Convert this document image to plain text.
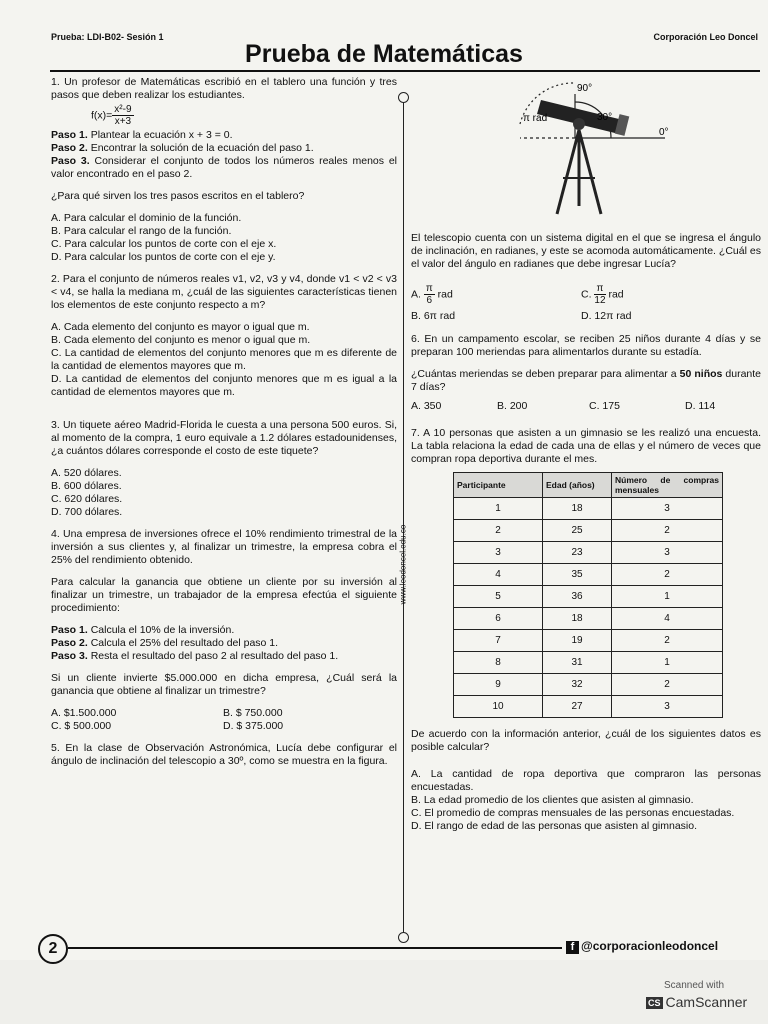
Prueba: LDI-B02- Sesión 1	Corporación Leo Doncel
Prueba de Matemáticas
www.leodoncel.edu.co

1. Un profesor de Matemáticas escribió en el tablero una función y tres pasos que deben realizar los estudiantes.

$f(x)= \frac{\text{x²-9}}{x+3}$

Paso 1. Plantear la ecuación x + 3 = 0.

Paso 2. Encontrar la solución de la ecuación del paso 1.

Paso 3. Considerar el conjunto de todos los números reales menos el valor encontrado en el paso 2.

¿Para qué sirven los tres pasos escritos en el tablero?

A. Para calcular el dominio de la función.

B. Para calcular el rango de la función.

C. Para calcular los puntos de corte con el eje x.

D. Para calcular los puntos de corte con el eje y.

2. Para el conjunto de números reales v1, v2, v3 y v4, donde v1 < v2 < v3 < v4, se halla la mediana m, ¿cuál de las siguientes características tienen los elementos de este conjunto respecto a m?

A. Cada elemento del conjunto es mayor o igual que m.

B. Cada elemento del conjunto es menor o igual que m.

C. La cantidad de elementos del conjunto menores que m es diferente de la cantidad de elementos mayores que m.

D. La cantidad de elementos del conjunto menores que m es igual a la cantidad de elementos mayores que m.

3. Un tiquete aéreo Madrid-Florida le cuesta a una persona 500 euros. Si, al momento de la compra, 1 euro equivale a 1.2 dólares estadounidenses, ¿a cuántos dólares corresponde el costo de este tiquete?

A. 520 dólares.

B. 600 dólares.

C. 620 dólares.

D. 700 dólares.

4. Una empresa de inversiones ofrece el 10% rendimiento trimestral de la inversión a sus clientes y, al finalizar un trimestre, la empresa cobra el 25% del rendimiento obtenido.

Para calcular la ganancia que obtiene un cliente por su inversión al finalizar un trimestre, un trabajador de la empresa efectúa el siguiente procedimiento:

Paso 1. Calcula el 10% de la inversión.

Paso 2. Calcula el 25% del resultado del paso 1.

Paso 3. Resta el resultado del paso 2 al resultado del paso 1.

Si un cliente invierte $5.000.000 en dicha empresa, ¿Cuál será la ganancia que obtiene al finalizar un trimestre?

A. $1.500.000	B. $ 750.000
C. $ 500.000	D. $ 375.000

5. En la clase de Observación Astronómica, Lucía debe configurar el ángulo de inclinación del telescopio a 30º, como se muestra en la figura.

90°
π rad	30°
0°

El telescopio cuenta con un sistema digital en el que se ingresa el ángulo de inclinación, en radianes, y este se acomoda automáticamente. ¿Cuál es el valor del ángulo en radianes que debe ingresar Lucía?

A. $\frac{\pi}{6}$ rad	C. $\frac{\pi}{12}$ rad
B. 6π rad	D. 12π rad

6. En un campamento escolar, se reciben 25 niños durante 4 días y se preparan 100 meriendas para alimentarlos durante su estadía.

¿Cuántas meriendas se deben preparar para alimentar a 50 niños durante 7 días?

A. 350	B. 200	C. 175	D. 114

7. A 10 personas que asisten a un gimnasio se les realizó una encuesta. La tabla relaciona la edad de cada una de ellas y el número de veces que compran ropa deportiva durante el mes.

Participante	Edad (años)	Número de compras mensuales
1	18	3
2	25	2
3	23	3
4	35	2
5	36	1
6	18	4
7	19	2
8	31	1
9	32	2
10	27	3

De acuerdo con la información anterior, ¿cuál de los siguientes datos es posible calcular?

A. La cantidad de ropa deportiva que compraron las personas encuestadas.

B. La edad promedio de los clientes que asisten al gimnasio.

C. El promedio de compras mensuales de las personas encuestadas.

D. El rango de edad de las personas que asisten al gimnasio.

2	f @corporacionleodoncel
Scanned with
CS CamScanner
